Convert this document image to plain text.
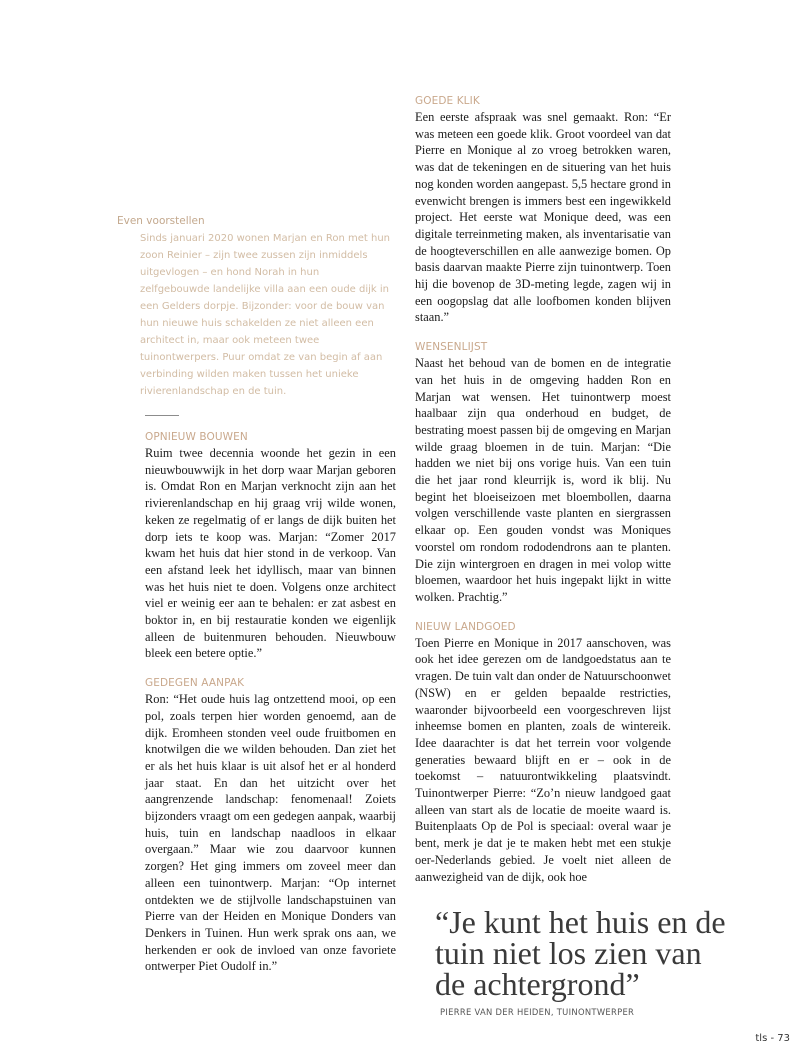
Even voorstellen
Sinds januari 2020 wonen Marjan en Ron met hun zoon Reinier – zijn twee zussen zijn inmiddels uitgevlogen – en hond Norah in hun zelfgebouwde landelijke villa aan een oude dijk in een Gelders dorpje. Bijzonder: voor de bouw van hun nieuwe huis schakelden ze niet alleen een architect in, maar ook meteen twee tuinontwerpers. Puur omdat ze van begin af aan verbinding wilden maken tussen het unieke rivierenlandschap en de tuin.
OPNIEUW BOUWEN

Ruim twee decennia woonde het gezin in een nieuwbouwwijk in het dorp waar Marjan geboren is. Omdat Ron en Marjan verknocht zijn aan het rivierenlandschap en hij graag vrij wilde wonen, keken ze regelmatig of er langs de dijk buiten het dorp iets te koop was. Marjan: “Zomer 2017 kwam het huis dat hier stond in de verkoop. Van een afstand leek het idyllisch, maar van binnen was het huis niet te doen. Volgens onze architect viel er weinig eer aan te behalen: er zat asbest en boktor in, en bij restauratie konden we eigenlijk alleen de buitenmuren behouden. Nieuwbouw bleek een betere optie.”

GEDEGEN AANPAK

Ron: “Het oude huis lag ontzettend mooi, op een pol, zoals terpen hier worden genoemd, aan de dijk. Eromheen stonden veel oude fruitbomen en knotwilgen die we wilden behouden. Dan ziet het er als het huis klaar is uit alsof het er al honderd jaar staat. En dan het uitzicht over het aangrenzende landschap: fenomenaal! Zoiets bijzonders vraagt om een gedegen aanpak, waarbij huis, tuin en landschap naadloos in elkaar overgaan.” Maar wie zou daarvoor kunnen zorgen? Het ging immers om zoveel meer dan alleen een tuinontwerp. Marjan: “Op internet ontdekten we de stijlvolle landschapstuinen van Pierre van der Heiden en Monique Donders van Denkers in Tuinen. Hun werk sprak ons aan, we herkenden er ook de invloed van onze favoriete ontwerper Piet Oudolf in.”

GOEDE KLIK

Een eerste afspraak was snel gemaakt. Ron: “Er was meteen een goede klik. Groot voordeel van dat Pierre en Monique al zo vroeg betrokken waren, was dat de tekeningen en de situering van het huis nog konden worden aangepast. 5,5 hectare grond in evenwicht brengen is immers best een ingewikkeld project. Het eerste wat Monique deed, was een digitale terreinmeting maken, als inventarisatie van de hoogteverschillen en alle aanwezige bomen. Op basis daarvan maakte Pierre zijn tuinontwerp. Toen hij die bovenop de 3D-meting legde, zagen wij in een oogopslag dat alle loofbomen konden blijven staan.”

WENSENLIJST

Naast het behoud van de bomen en de integratie van het huis in de omgeving hadden Ron en Marjan wat wensen. Het tuinontwerp moest haalbaar zijn qua onderhoud en budget, de bestrating moest passen bij de omgeving en Marjan wilde graag bloemen in de tuin. Marjan: “Die hadden we niet bij ons vorige huis. Van een tuin die het jaar rond kleurrijk is, word ik blij. Nu begint het bloeiseizoen met bloembollen, daarna volgen verschillende vaste planten en siergrassen elkaar op. Een gouden vondst was Moniques voorstel om rondom rododendrons aan te planten. Die zijn wintergroen en dragen in mei volop witte bloemen, waardoor het huis ingepakt lijkt in witte wolken. Prachtig.”

NIEUW LANDGOED

Toen Pierre en Monique in 2017 aanschoven, was ook het idee gerezen om de landgoedstatus aan te vragen. De tuin valt dan onder de Natuurschoonwet (NSW) en er gelden bepaalde restricties, waaronder bijvoorbeeld een voorgeschreven lijst inheemse bomen en planten, zoals de wintereik. Idee daarachter is dat het terrein voor volgende generaties bewaard blijft en er – ook in de toekomst – natuurontwikkeling plaatsvindt. Tuinontwerper Pierre: “Zo’n nieuw landgoed gaat alleen van start als de locatie de moeite waard is. Buitenplaats Op de Pol is speciaal: overal waar je bent, merk je dat je te maken hebt met een stukje oer-Nederlands gebied. Je voelt niet alleen de aanwezigheid van de dijk, ook hoe

“Je kunt het huis en de tuin niet los zien van de achtergrond”
PIERRE VAN DER HEIDEN, TUINONTWERPER
tls - 73
